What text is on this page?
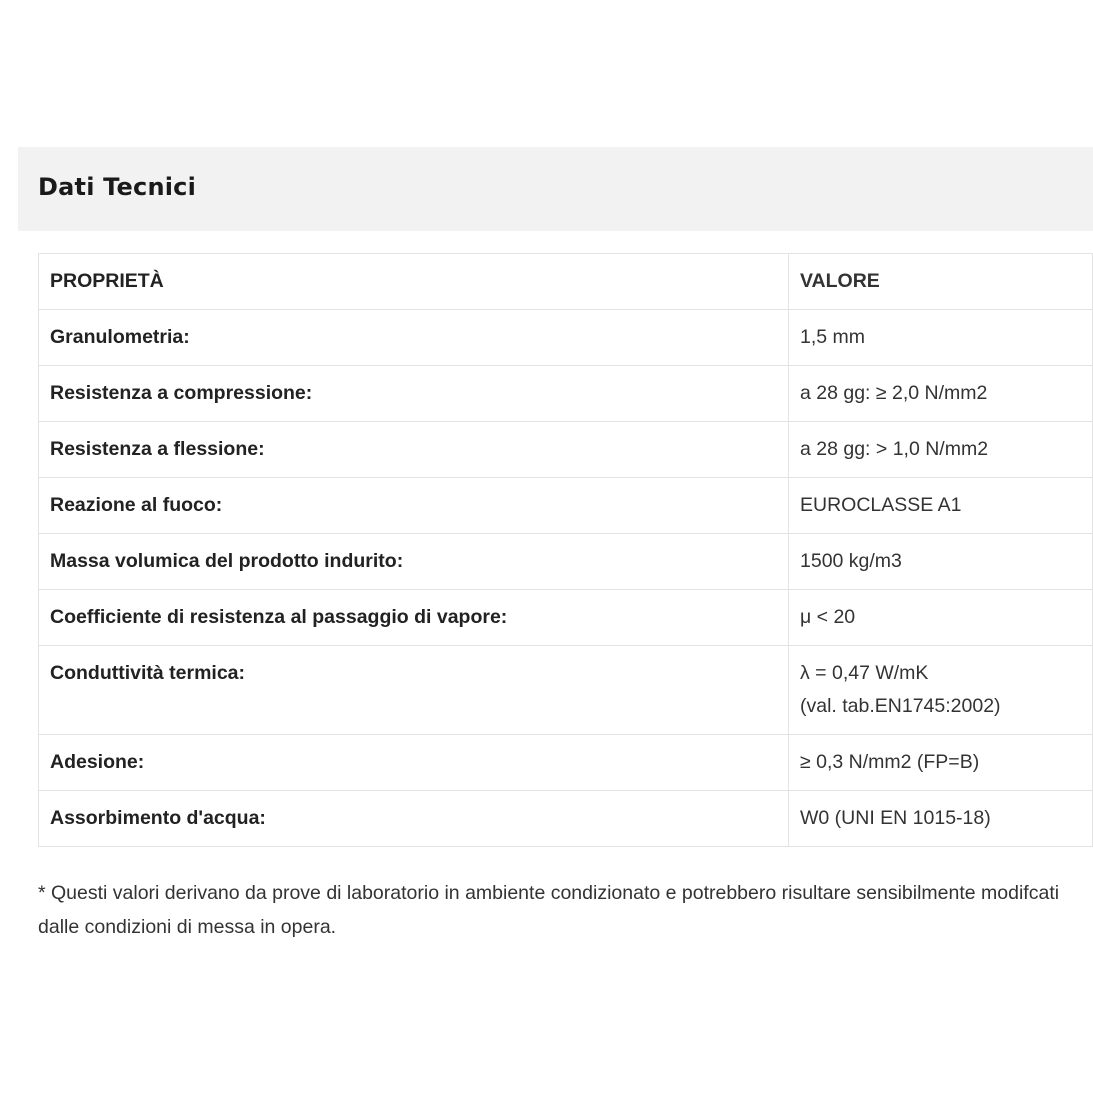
Dati Tecnici
PROPRIETÀ	VALORE
Granulometria:	1,5 mm
Resistenza a compressione:	a 28 gg: ≥ 2,0 N/mm2
Resistenza a flessione:	a 28 gg: > 1,0 N/mm2
Reazione al fuoco:	EUROCLASSE A1
Massa volumica del prodotto indurito:	1500 kg/m3
Coefficiente di resistenza al passaggio di vapore:	μ < 20
Conduttività termica:	λ = 0,47 W/mK
(val. tab.EN1745:2002)

Adesione:	≥ 0,3 N/mm2 (FP=B)
Assorbimento d'acqua:	W0 (UNI EN 1015-18)

* Questi valori derivano da prove di laboratorio in ambiente condizionato e potrebbero risultare sensibilmente modifcati dalle condizioni di messa in opera.
